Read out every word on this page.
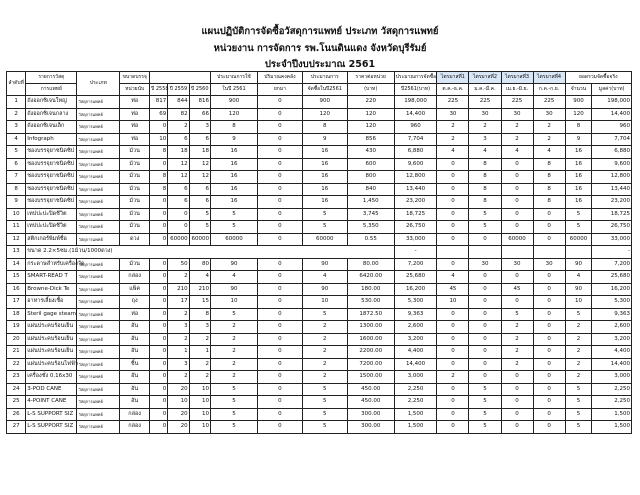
แผนปฏิบัติการจัดซื้อวัสดุการแพทย์ ประเภท วัสดุการแพทย์
หน่วยงาน การจัดการ รพ.โนนดินแดง จังหวัดบุรีรัมย์
ประจำปีงบประมาณ 2561
ลำดับที่	รายการวัสดุ	ประเภท	ขนาดบรรจุ				ประมาณการใช้	ปริมาณคงคลัง	ประมาณการ	ราคาต่อหน่วย	ประมาณการจัดซื้อ	ไตรมาสที่1	ไตรมาสที่2	ไตรมาสที่3	ไตรมาสที่4	ยอดรวมจัดซื้อจริง	
	การแพทย์		หน่วยนับ	ปี 2558	ปี 2559	ปี 2560	ในปี 2561	ยกมา	จัดซื้อในปี2561	(บาท)	ปี2561(บาท)	ต.ค.-ธ.ค.	ม.ค.-มี.ค.	เม.ย.-มิ.ย.	ก.ค.-ก.ย.	จำนวน	มูลค่า(บาท)
1	ถังออกซิเจนใหญ่	วัสดุการแพทย์	ท่อ	817	844	816	900	0	900	220	198,000	225	225	225	225	900	198,000
2	ถังออกซิเจนกลาง	วัสดุการแพทย์	ท่อ	69	82	66	120	0	120	120	14,400	30	30	30	30	120	14,400
3	ถังออกซิเจนเล็ก	วัสดุการแพทย์	ท่อ	0	2	3	8	0	8	120	960	2	2	2	2	8	960
4	Infograph	วัสดุการแพทย์	ท่อ	10	6	6	9	0	9	856	7,704	2	3	2	2	9	7,704
5	ชองบรรจุยาชนิดซิป	วัสดุการแพทย์	ม้วน	8	18	18	16	0	16	430	6,880	4	4	4	4	16	6,880
6	ชองบรรจุยาชนิดซิป	วัสดุการแพทย์	ม้วน	0	12	12	16	0	16	600	9,600	0	8	0	8	16	9,600
7	ชองบรรจุยาชนิดซิป	วัสดุการแพทย์	ม้วน	8	12	12	16	0	16	800	12,800	0	8	0	8	16	12,800
8	ชองบรรจุยาชนิดซิป	วัสดุการแพทย์	ม้วน	8	6	6	16	0	16	840	13,440	0	8	0	8	16	13,440
9	ชองบรรจุยาชนิดซิป	วัสดุการแพทย์	ม้วน	0	6	6	16	0	16	1,450	23,200	0	8	0	8	16	23,200
10	เทปปะปะปิดชีวิต	วัสดุการแพทย์	ม้วน	0	0	5	5	0	5	3,745	18,725	0	5	0	0	5	18,725
11	เทปปะปะปิดชีวิต	วัสดุการแพทย์	ม้วน	0	0	5	5	0	5	5,350	26,750	0	5	0	0	5	26,750
12	สติกเกอร์พิมพ์ชื่อ	วัสดุการแพทย์	ดวง	0	60000	60000	60000	0	60000	0.55	33,000	0	0	60000	0	60000	33,000
13	ขนาด 2.2×5ซม.(1ม้วน/1000ดวง)										-						-
14	กระดาษสำหรับเครื่องวัด	วัสดุการแพทย์	ม้วน	0	50	80	90	0	90	80.00	7,200	0	30	30	30	90	7,200
15	SMART-READ T	วัสดุการแพทย์	กล่อง	0	2	4	4	0	4	6420.00	25,680	4	0	0	0	4	25,680
16	Browne-Dick Te	วัสดุการแพทย์	แพ็ค	0	210	210	90	0	90	180.00	16,200	45	0	45	0	90	16,200
17	อาหารเลี้ยงเชื้อ	วัสดุการแพทย์	ถุง	0	17	15	10	0	10	530.00	5,300	10	0	0	0	10	5,300
18	Steril gage steam	วัสดุการแพทย์	ห่อ	0	2	8	5	0	5	1872.50	9,363	0	0	5	0	5	9,363
19	แผ่นประคบร้อนเย็น	วัสดุการแพทย์	อัน	0	3	3	2	0	2	1300.00	2,600	0	0	2	0	2	2,600
20	แผ่นประคบร้อนเย็น	วัสดุการแพทย์	อัน	0	2	2	2	0	2	1600.00	3,200	0	0	2	0	2	3,200
21	แผ่นประคบร้อนเย็น	วัสดุการแพทย์	อัน	0	1	1	2	0	2	2200.00	4,400	0	0	2	0	2	4,400
22	แผ่นประคบร้อนไฟฟ้า	วัสดุการแพทย์	ชิ้น	0	3	2	2	0	2	7200.00	14,400	0	0	2	0	2	14,400
23	เครื่องชั่ง 0.16x30	วัสดุการแพทย์	อัน	0	2	2	2	0	2	1500.00	3,000	2	0	0	0	2	3,000
24	3-POD CANE	วัสดุการแพทย์	อัน	0	20	10	5	0	5	450.00	2,250	0	5	0	0	5	2,250
25	4-POINT CANE	วัสดุการแพทย์	อัน	0	10	10	5	0	5	450.00	2,250	0	5	0	0	5	2,250
26	L-S SUPPORT SIZ	วัสดุการแพทย์	กล่อง	0	20	10	5	0	5	300.00	1,500	0	5	0	0	5	1,500
27	L-S SUPPORT SIZ	วัสดุการแพทย์	กล่อง	0	20	10	5	0	5	300.00	1,500	0	5	0	0	5	1,500
